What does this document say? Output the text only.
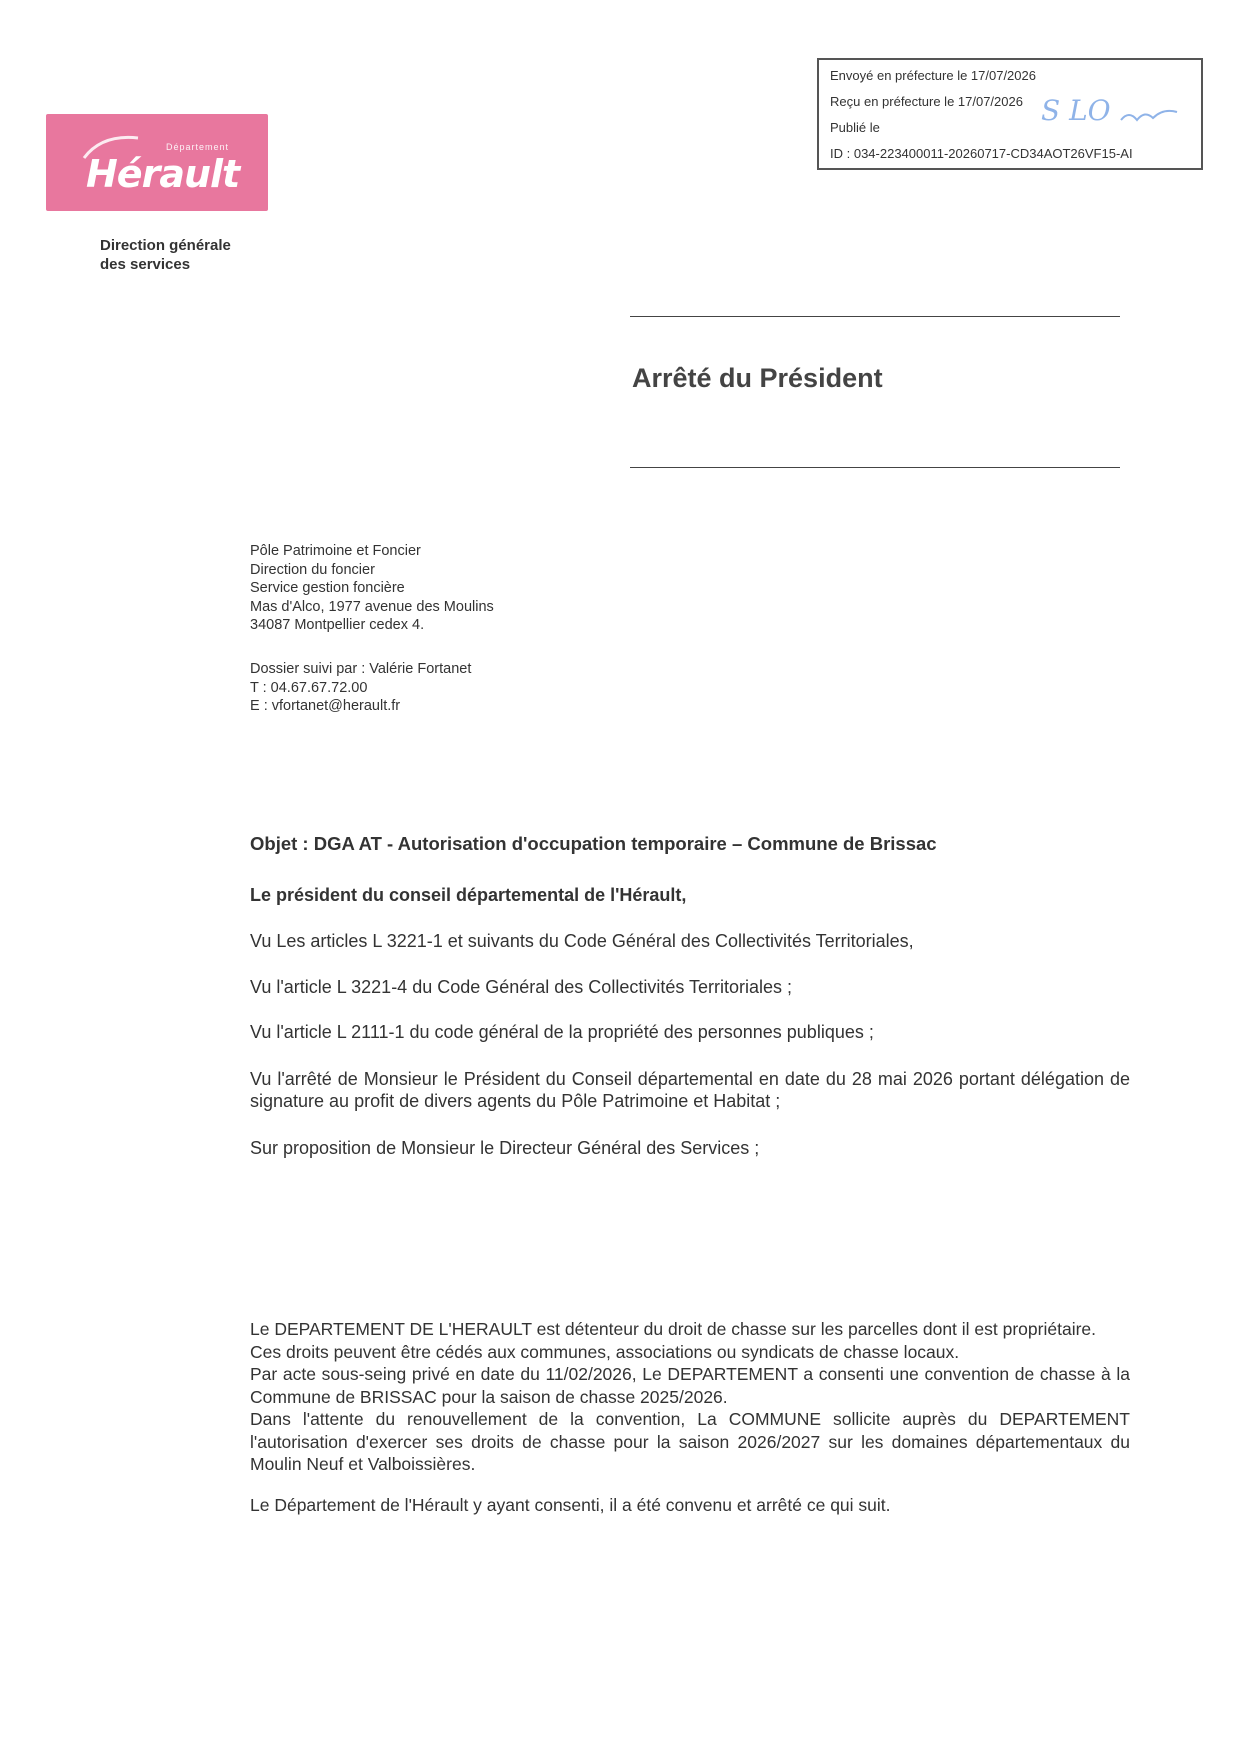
Département
Hérault
Direction générale
des services
Envoyé en préfecture le 17/07/2026
Reçu en préfecture le 17/07/2026
Publié le
ID : 034-223400011-20260717-CD34AOT26VF15-AI
S LO
Arrêté du Président
Pôle Patrimoine et Foncier
Direction du foncier
Service gestion foncière
Mas d'Alco, 1977 avenue des Moulins
34087 Montpellier cedex 4.
Dossier suivi par : Valérie Fortanet
T : 04.67.67.72.00
E : vfortanet@herault.fr
Objet : DGA AT - Autorisation d'occupation temporaire – Commune de Brissac
Le président du conseil départemental de l'Hérault,
Vu Les articles L 3221-1 et suivants du Code Général des Collectivités Territoriales,
Vu l'article L 3221-4 du Code Général des Collectivités Territoriales ;
Vu l'article L 2111-1 du code général de la propriété des personnes publiques ;
Vu l'arrêté de Monsieur le Président du Conseil départemental en date du 28 mai 2026 portant délégation de signature au profit de divers agents du Pôle Patrimoine et Habitat ;
Sur proposition de Monsieur le Directeur Général des Services ;

Le DEPARTEMENT DE L'HERAULT est détenteur du droit de chasse sur les parcelles dont il est propriétaire.

Ces droits peuvent être cédés aux communes, associations ou syndicats de chasse locaux.

Par acte sous-seing privé en date du 11/02/2026, Le DEPARTEMENT a consenti une convention de chasse à la Commune de BRISSAC pour la saison de chasse 2025/2026.

Dans l'attente du renouvellement de la convention, La COMMUNE sollicite auprès du DEPARTEMENT l'autorisation d'exercer ses droits de chasse pour la saison 2026/2027 sur les domaines départementaux du Moulin Neuf et Valboissières.

Le Département de l'Hérault y ayant consenti, il a été convenu et arrêté ce qui suit.
